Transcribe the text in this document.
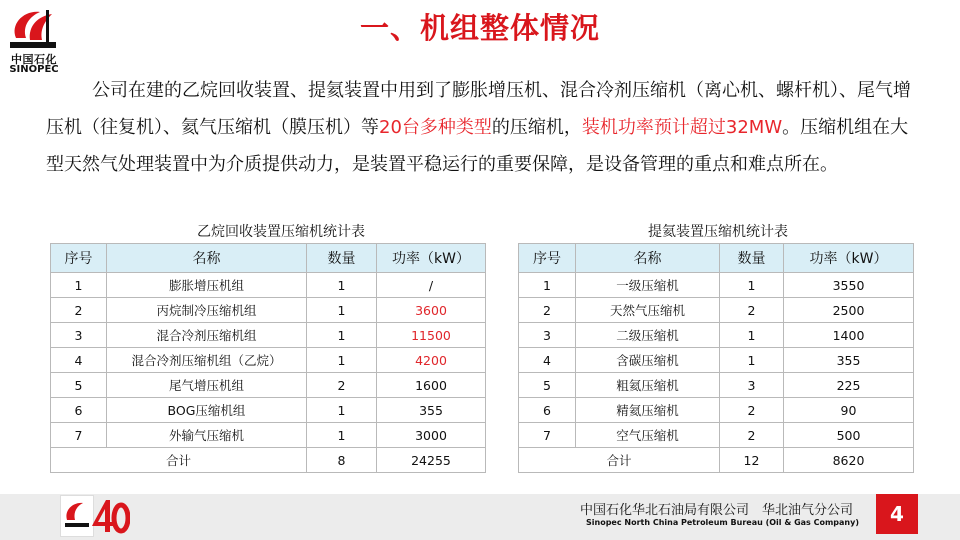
中国石化
SINOPEC
一、机组整体情况
公司在建的乙烷回收装置、提氦装置中用到了膨胀增压机、混合冷剂压缩机（离心机、螺杆机）、尾气增压机（往复机）、氦气压缩机（膜压机）等20台多种类型的压缩机，装机功率预计超过32MW。压缩机组在大型天然气处理装置中为介质提供动力，是装置平稳运行的重要保障，是设备管理的重点和难点所在。
乙烷回收装置压缩机统计表
序号	名称	数量	功率（kW）
1	膨胀增压机组	1	/
2	丙烷制冷压缩机组	1	3600
3	混合冷剂压缩机组	1	11500
4	混合冷剂压缩机组（乙烷）	1	4200
5	尾气增压机组	2	1600
6	BOG压缩机组	1	355
7	外输气压缩机	1	3000
合计		8	24255
提氦装置压缩机统计表
序号	名称	数量	功率（kW）
1	一级压缩机	1	3550
2	天然气压缩机	2	2500
3	二级压缩机	1	1400
4	含碳压缩机	1	355
5	粗氦压缩机	3	225
6	精氦压缩机	2	90
7	空气压缩机	2	500
合计		12	8620
中国石化华北石油局有限公司　华北油气分公司
Sinopec North China Petroleum Bureau (Oil & Gas Company)	4
